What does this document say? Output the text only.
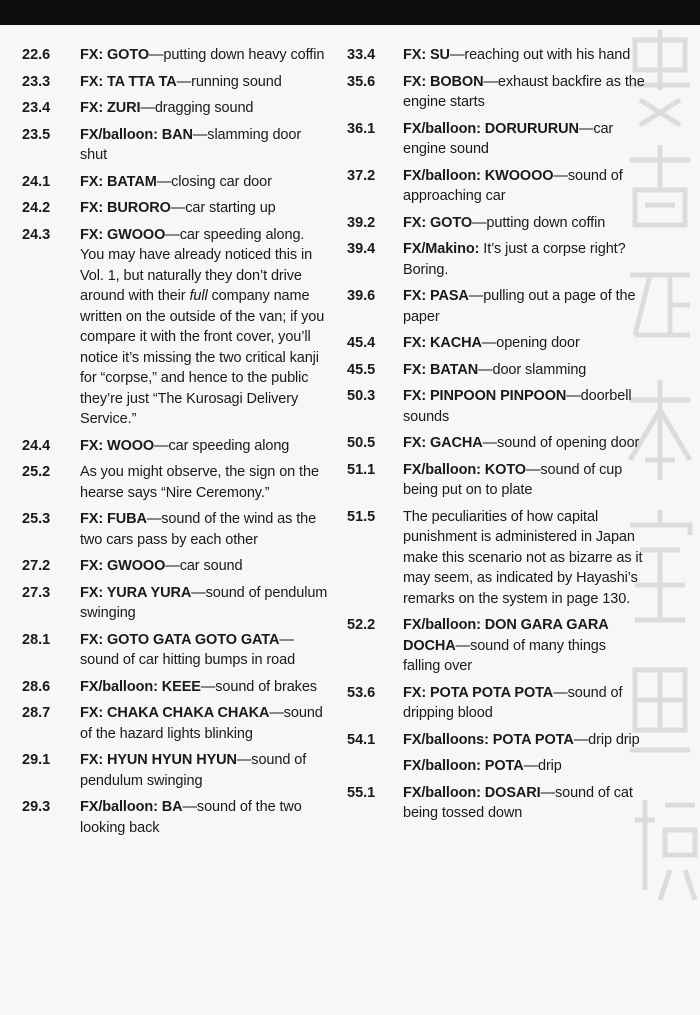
22.6	FX: GOTO—putting down heavy coffin
23.3	FX: TA TTA TA—running sound
23.4	FX: ZURI—dragging sound
23.5	FX/balloon: BAN—slamming door shut
24.1	FX: BATAM—closing car door
24.2	FX: BURORO—car starting up
24.3	FX: GWOOO—car speeding along. You may have already noticed this in Vol. 1, but naturally they don’t drive around with their full company name written on the outside of the van; if you compare it with the front cover, you’ll notice it’s missing the two critical kanji for “corpse,” and hence to the public they’re just “The Kurosagi Delivery Service.”
24.4	FX: WOOO—car speeding along
25.2	As you might observe, the sign on the hearse says “Nire Ceremony.”
25.3	FX: FUBA—sound of the wind as the two cars pass by each other
27.2	FX: GWOOO—car sound
27.3	FX: YURA YURA—sound of pendulum swinging
28.1	FX: GOTO GATA GOTO GATA—sound of car hitting bumps in road
28.6	FX/balloon: KEEE—sound of brakes
28.7	FX: CHAKA CHAKA CHAKA—sound of the hazard lights blinking
29.1	FX: HYUN HYUN HYUN—sound of pendulum swinging
29.3	FX/balloon: BA—sound of the two looking back
33.4	FX: SU—reaching out with his hand
35.6	FX: BOBON—exhaust backfire as the engine starts
36.1	FX/balloon: DORURURUN—car engine sound
37.2	FX/balloon: KWOOOO—sound of approaching car
39.2	FX: GOTO—putting down coffin
39.4	FX/Makino: It’s just a corpse right? Boring.
39.6	FX: PASA—pulling out a page of the paper
45.4	FX: KACHA—opening door
45.5	FX: BATAN—door slamming
50.3	FX: PINPOON PINPOON—doorbell sounds
50.5	FX: GACHA—sound of opening door
51.1	FX/balloon: KOTO—sound of cup being put on to plate
51.5	The peculiarities of how capital punishment is administered in Japan make this scenario not as bizarre as it may seem, as indicated by Hayashi’s remarks on the system in page 130.
52.2	FX/balloon: DON GARA GARA DOCHA—sound of many things falling over
53.6	FX: POTA POTA POTA—sound of dripping blood
54.1	FX/balloons: POTA POTA—drip drip
FX/balloon: POTA—drip
55.1	FX/balloon: DOSARI—sound of cat being tossed down
